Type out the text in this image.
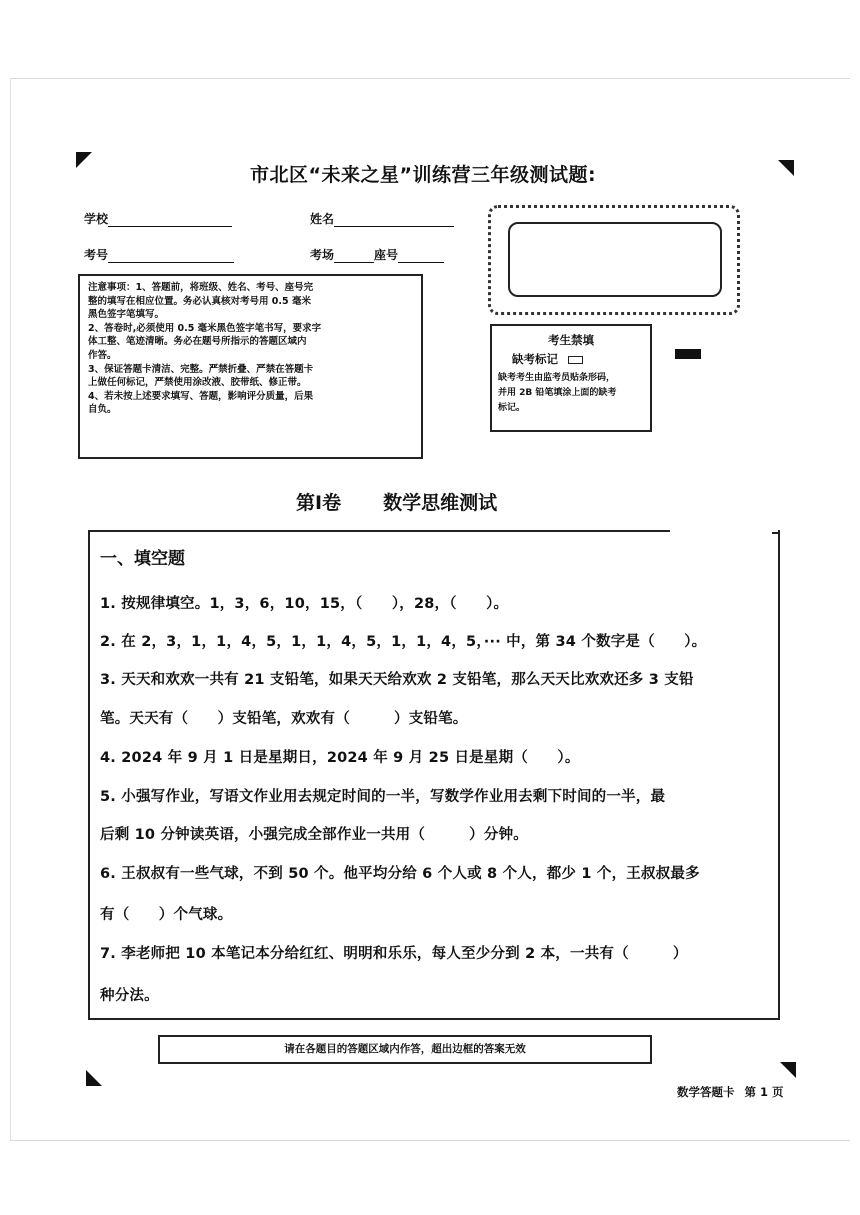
市北区“未来之星”训练营三年级测试题:
学校	姓名
考号	考场	座号
注意事项：1、答题前，将班级、姓名、考号、座号完
整的填写在相应位置。务必认真核对考号用 0.5 毫米
黑色签字笔填写。
2、答卷时,必须使用 0.5 毫米黑色签字笔书写，要求字
体工整、笔迹清晰。务必在题号所指示的答题区域内
作答。
3、保证答题卡清洁、完整。严禁折叠、严禁在答题卡
上做任何标记，严禁使用涂改液、胶带纸、修正带。
4、若未按上述要求填写、答题，影响评分质量，后果
自负。
考生禁填
缺考标记
缺考考生由监考员贴条形码，
并用 2B 铅笔填涂上面的缺考
标记。
第Ⅰ卷 数学思维测试
一、填空题
1. 按规律填空。1，3，6，10，15，（　　），28，（　　）。
2. 在 2，3，1，1，4，5，1，1，4，5，1，1，4，5，··· 中，第 34 个数字是（　　）。
3. 天天和欢欢一共有 21 支铅笔，如果天天给欢欢 2 支铅笔，那么天天比欢欢还多 3 支铅
笔。天天有（　　）支铅笔，欢欢有（　　　）支铅笔。
4. 2024 年 9 月 1 日是星期日，2024 年 9 月 25 日是星期（　　）。
5. 小强写作业，写语文作业用去规定时间的一半，写数学作业用去剩下时间的一半，最
后剩 10 分钟读英语，小强完成全部作业一共用（　　　）分钟。
6. 王叔叔有一些气球，不到 50 个。他平均分给 6 个人或 8 个人，都少 1 个，王叔叔最多
有（　　）个气球。
7. 李老师把 10 本笔记本分给红红、明明和乐乐，每人至少分到 2 本，一共有（　　　）
种分法。
请在各题目的答题区域内作答，超出边框的答案无效
数学答题卡 第 1 页
